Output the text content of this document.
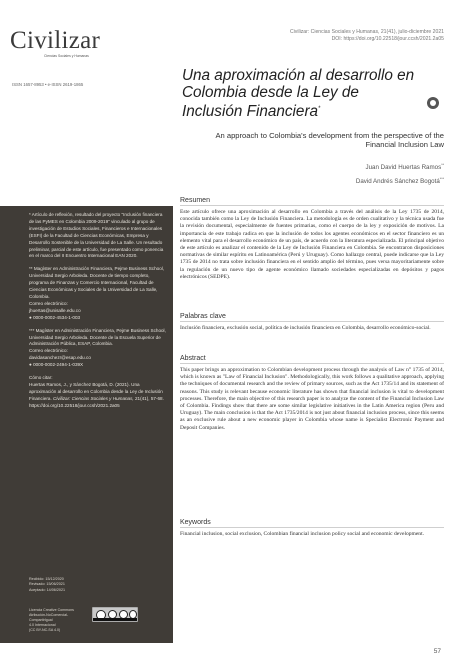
Civilizar
Ciencias Sociales y Humanas
ISSN 1657-8953 • e-ISSN 2619-1865

* Artículo de reflexión, resultado del proyecto "Inclusión financiera de las PyMES en Colombia 2009-2019" vinculado al grupo de investigación de Estudios Sociales, Financieros e Internacionales (ESFI) de la Facultad de Ciencias Económicas, Empresa y Desarrollo Sostenible de la Universidad de La Salle. Un resultado preliminar, parcial de este artículo, fue presentado como ponencia en el marco del II Encuentro Internacional EAN 2020.

** Magíster en Administración Financiera, Pejme Business School, Universidad Sergio Arboleda. Docente de tiempo completo, programa de Finanzas y Comercio Internacional, Facultad de Ciencias Económicas y Sociales de la Universidad de La Salle, Colombia.
Correo electrónico:
jhuertas@unisalle.edu.co
● 0000-0002-4534-1-003

*** Magíster en Administración Financiera, Pejme Business School, Universidad Sergio Arboleda. Docente de la Escuela Superior de Administración Pública, ESAP, Colombia.
Correo electrónico:
davidasanchezr@esap.edu.co
● 0000-0002-2494-1-039X

Cómo citar:

Huertas Ramos, J., y Sánchez Bogotá, D. (2021). Una aproximación al desarrollo en Colombia desde la Ley de Inclusión Financiera. Civilizar: Ciencias Sociales y Humanas, 21(41), 57-68. https://doi.org/10.22518/jour.ccsh/2021.2a05

Recibido: 15/12/2020
Revisado: 15/06/2021
Aceptado: 14/06/2021
Licencia Creative Commons
Atribución-NoComercial-CompartirIgual
4.0 Internacional
(CC BY-NC-SA 4.0)
Civilizar: Ciencias Sociales y Humanas, 21(41), julio-diciembre 2021
DOI: https://doi.org/10.22518/jour.ccsh/2021.2a05
Una aproximación al desarrollo en Colombia desde la Ley de Inclusión Financiera*
An approach to Colombia's development from the perspective of the Financial Inclusion Law
Juan David Huertas Ramos**
David Andrés Sánchez Bogotá***
Resumen
Este artículo ofrece una aproximación al desarrollo en Colombia a través del análisis de la Ley 1735 de 2014, conocida también como la Ley de Inclusión Financiera. La metodología es de orden cualitativo y la técnica usada fue la revisión documental, especialmente de fuentes primarias, como el cuerpo de la ley y exposición de motivos. La importancia de este trabajo radica en que la inclusión de todos los agentes económicos en el sector financiero es un elemento vital para el desarrollo económico de un país, de acuerdo con la literatura especializada. El principal objetivo de este artículo es analizar el contenido de la Ley de Inclusión Financiera en Colombia. Se encontraron disposiciones normativas de similar espíritu en Latinoamérica (Perú y Uruguay). Como hallazgo central, puede indicarse que la Ley 1735 de 2014 no trata sobre inclusión financiera en el sentido amplio del término, pues versa mayoritariamente sobre la regulación de un nuevo tipo de agente económico llamado sociedades especializadas en depósitos y pagos electrónicos (SEDPE).
Palabras clave
Inclusión financiera, exclusión social, política de inclusión financiera en Colombia, desarrollo económico-social.
Abstract
This paper brings an approximation to Colombian development process through the analysis of Law n° 1735 of 2014, which is known as "Law of Financial Inclusion". Methodologically, this work follows a qualitative approach, applying the techniques of documental research and the review of primary sources, such as the Act 1735/14 and its statement of reasons. This study is relevant because economic literature has shown that financial inclusion is vital to development processes. Therefore, the main objective of this research paper is to analyze the content of the Financial Inclusion Law of Colombia. Findings show that there are some similar legislative initiatives in the Latin America region (Peru and Uruguay). The main conclusion is that the Act 1735/2014 is not just about financial inclusion process, since this seems as an exclusive rule about a new economic player in Colombia whose name is Specialist Electronic Payment and Deposit Companies.
Keywords
Financial inclusion, social exclusion, Colombian financial inclusion policy social and economic development.
57
